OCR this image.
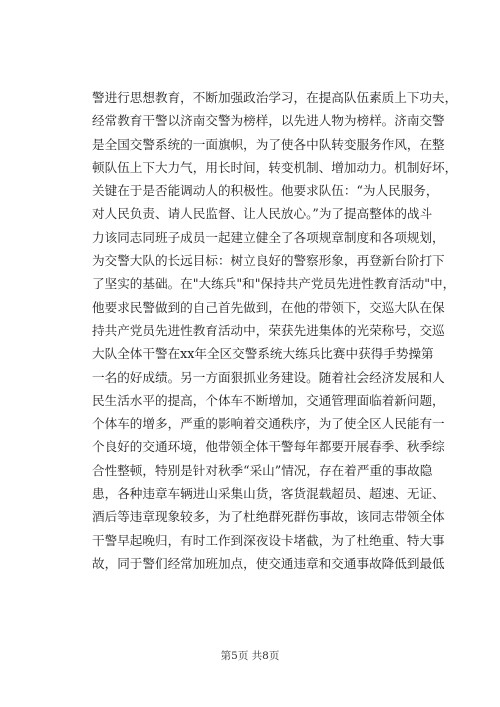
警进行思想教育，不断加强政治学习，在提高队伍素质上下功夫，
经常教育干警以济南交警为榜样，以先进人物为榜样。济南交警
是全国交警系统的一面旗帜，为了使各中队转变服务作风，在整
顿队伍上下大力气，用长时间，转变机制、增加动力。机制好坏，
关键在于是否能调动人的积极性。他要求队伍：“为人民服务，
对人民负责、请人民监督、让人民放心。”为了提高整体的战斗
力该同志同班子成员一起建立健全了各项规章制度和各项规划，
为交警大队的长远目标：树立良好的警察形象，再登新台阶打下
了坚实的基础。在"大练兵"和"保持共产党员先进性教育活动"中，
他要求民警做到的自己首先做到，在他的带领下，交巡大队在保
持共产党员先进性教育活动中，荣获先进集体的光荣称号，交巡
大队全体干警在xx年全区交警系统大练兵比赛中获得手势操第
一名的好成绩。另一方面狠抓业务建设。随着社会经济发展和人
民生活水平的提高，个体车不断增加，交通管理面临着新问题，
个体车的增多，严重的影响着交通秩序，为了使全区人民能有一
个良好的交通环境，他带领全体干警每年都要开展春季、秋季综
合性整顿，特别是针对秋季“采山”情况，存在着严重的事故隐
患，各种违章车辆进山采集山货，客货混载超员、超速、无证、
酒后等违章现象较多，为了杜绝群死群伤事故，该同志带领全体
干警早起晚归，有时工作到深夜设卡堵截，为了杜绝重、特大事
故，同于警们经常加班加点，使交通违章和交通事故降低到最低
第5页 共8页
